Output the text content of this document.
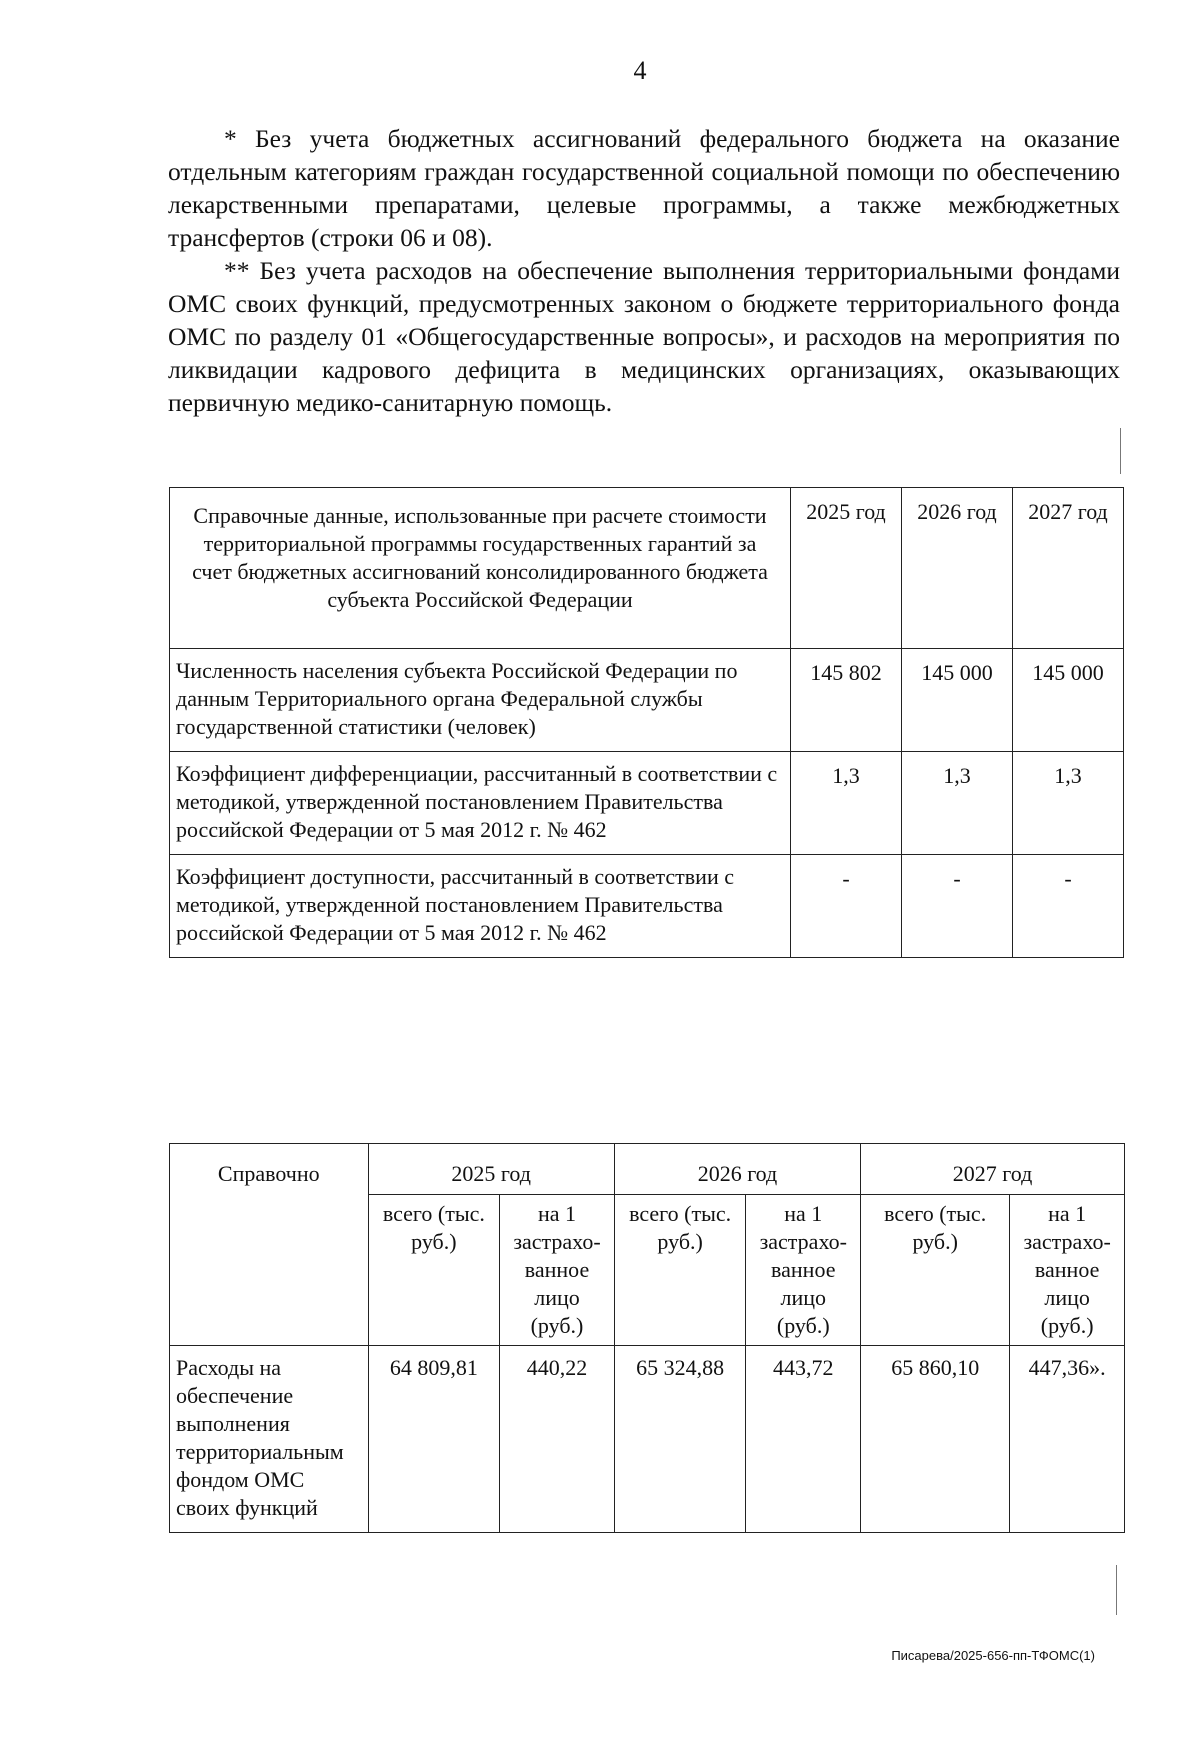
4

* Без учета бюджетных ассигнований федерального бюджета на оказание отдельным категориям граждан государственной социальной помощи по обеспечению лекарственными препаратами, целевые программы, а также межбюджетных трансфертов (строки 06 и 08).

** Без учета расходов на обеспечение выполнения территориальными фондами ОМС своих функций, предусмотренных законом о бюджете территориального фонда ОМС по разделу 01 «Общегосударственные вопросы», и расходов на мероприятия по ликвидации кадрового дефицита в медицинских организациях, оказывающих первичную медико-санитарную помощь.

Справочные данные, использованные при расчете стоимости территориальной программы государственных гарантий за счет бюджетных ассигнований консолидированного бюджета субъекта Российской Федерации	2025 год	2026 год	2027 год
Численность населения субъекта Российской Федерации по данным Территориального органа Федеральной службы государственной статистики (человек)	145 802	145 000	145 000
Коэффициент дифференциации, рассчитанный в соответствии с методикой, утвержденной постановлением Правительства российской Федерации от 5 мая 2012 г. № 462	1,3	1,3	1,3
Коэффициент доступности, рассчитанный в соответствии с методикой, утвержденной постановлением Правительства российской Федерации от 5 мая 2012 г. № 462	-	-	-
Справочно	2025 год		2026 год		2027 год	
	всего (тыс. руб.)	на 1 застрахо-ванное лицо (руб.)	всего (тыс. руб.)	на 1 застрахо-ванное лицо (руб.)	всего (тыс. руб.)	на 1 застрахо-ванное лицо (руб.)
Расходы на обеспечение выполнения территориальным фондом ОМС своих функций	64 809,81	440,22	65 324,88	443,72	65 860,10	447,36».
Писарева/2025-656-пп-ТФОМС(1)
